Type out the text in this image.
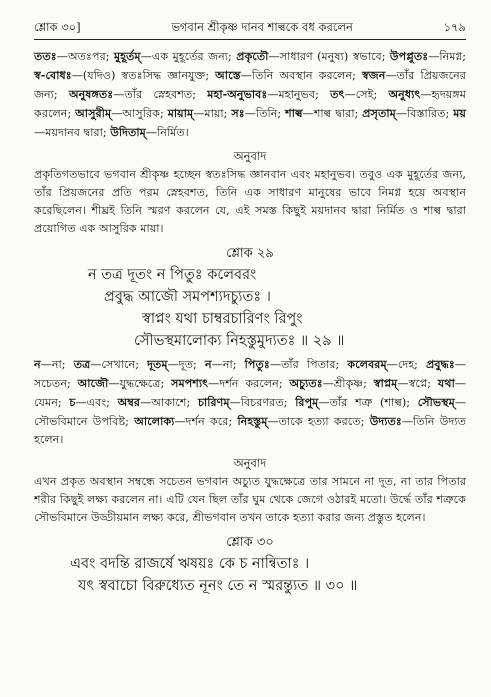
শ্লোক ৩০]	ভগবান শ্রীকৃষ্ণ দানব শাল্বকে বধ করলেন	১৭৯
ততঃ—অতঃপর; মুহূর্তম্—এক মুহূর্তের জন্য; প্রকৃতৌ—সাধারণ (মনুষ্য) স্বভাবে; উপপ্লুতঃ—নিমগ্ন; স্ব-বোধঃ—(যদিও) স্বতঃসিদ্ধ জ্ঞানযুক্ত; আস্তে—তিনি অবস্থান করলেন; স্বজন—তাঁর প্রিয়জনের জন্য; অনুষঙ্গতঃ—তাঁর স্নেহবশত; মহা-অনুভাবঃ—মহানুভব; তৎ—সেই; অনুধ্যৎ—হৃদয়ঙ্গম করলেন; আসুরীম্—আসুরিক; মায়াম্—মায়া; সঃ—তিনি; শাল্ব—শাল্ব দ্বারা; প্রসৃতাম্—বিস্তারিত; ময়—ময়দানব দ্বারা; উদিতাম্—নির্মিত।
অনুবাদ
প্রকৃতিগতভাবে ভগবান শ্রীকৃষ্ণ হচ্ছেন স্বতঃসিদ্ধ জ্ঞানবান এবং মহানুভব। তবুও এক মুহূর্তের জন্য, তাঁর প্রিয়জনের প্রতি পরম স্নেহবশত, তিনি এক সাধারণ মানুষের ভাবে নিমগ্ন হয়ে অবস্থান করেছিলেন। শীঘ্রই তিনি স্মরণ করলেন যে, এই সমস্ত কিছুই ময়দানব দ্বারা নির্মিত ও শাল্ব দ্বারা প্রয়োগিত এক আসুরিক মায়া।
শ্লোক ২৯
ন তত্র দূতং ন পিতুঃ কলেবরং
প্রবুদ্ধ আজৌ সমপশ্যদচ্যুতঃ ।
স্বাপ্নং যথা চাম্বরচারিণং রিপুং
সৌভস্থমালোক্য নিহস্তুমুদ্যতঃ ॥ ২৯ ॥
ন—না; তত্র—সেখানে; দূতম্—দূত; ন—না; পিতুঃ—তাঁর পিতার; কলেবরম্—দেহ; প্রবুদ্ধঃ—সচেতন; আজৌ—যুদ্ধক্ষেত্রে; সমপশ্যৎ—দর্শন করলেন; অচ্যুতঃ—শ্রীকৃষ্ণ; স্বাপ্নম্—স্বপ্নে; যথা—যেমন; চ—এবং; অম্বর—আকাশে; চারিণম্—বিচরণরত; রিপুম্—তাঁর শত্রু (শাল্ব); সৌভস্থম্—সৌভবিমানে উপবিষ্ট; আলোক্য—দর্শন করে; নিহস্তুম্—তাকে হত্যা করতে; উদ্যতঃ—তিনি উদ্যত হলেন।
অনুবাদ
এখন প্রকৃত অবস্থান সম্বন্ধে সচেতন ভগবান অচ্যুত যুদ্ধক্ষেত্রে তার সামনে না দূত, না তার পিতার শরীর কিছুই লক্ষ্য করলেন না। এটি যেন ছিল তাঁর ঘুম থেকে জেগে ওঠারই মতো। উর্দ্ধে তাঁর শত্রুকে সৌভবিমানে উড্ডীয়মান লক্ষ্য করে, শ্রীভগবান তখন তাকে হত্যা করার জন্য প্রস্তুত হলেন।
শ্লোক ৩০
এবং বদন্তি রাজর্ষে ঋষয়ঃ কে চ নান্বিতাঃ ।
যৎ স্ববাচো বিরুধ্যেত নূনং তে ন স্মরন্ত্যুত ॥ ৩০ ॥
